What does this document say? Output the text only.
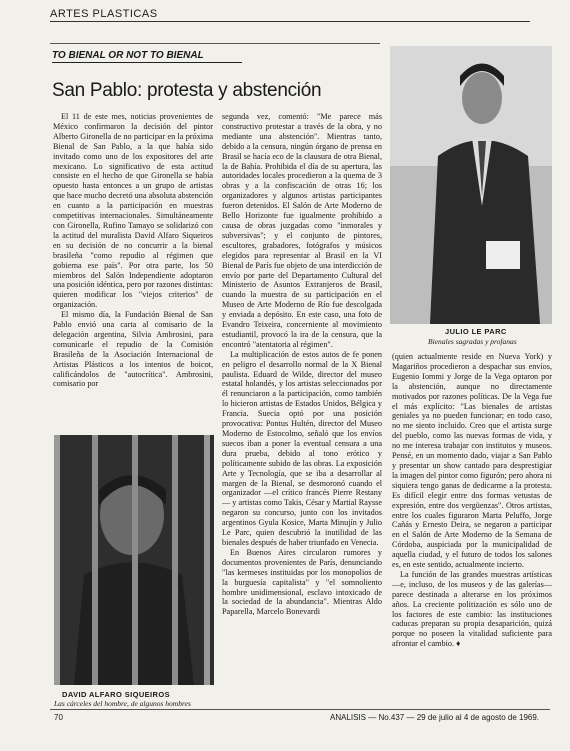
ARTES PLASTICAS
TO BIENAL OR NOT TO BIENAL
San Pablo: protesta y abstención

El 11 de este mes, noticias provenientes de México confirmaron la decisión del pintor Alberto Gironella de no participar en la próxima Bienal de San Pablo, a la que había sido invitado como uno de los expositores del arte mexicano. Lo significativo de esta actitud consiste en el hecho de que Gironella se había opuesto hasta entonces a un grupo de artistas que hace mucho decretó una absoluta abstención en cuanto a la participación en muestras competitivas internacionales. Simultáneamente con Gironella, Rufino Tamayo se solidarizó con la actitud del muralista David Alfaro Siqueiros en su decisión de no concurrir a la bienal brasileña "como repudio al régimen que gobierna ese país". Por otra parte, los 50 miembros del Salón Independiente adoptaron una posición idéntica, pero por razones distintas: quieren modificar los "viejos criterios" de organización.

El mismo día, la Fundación Bienal de San Pablo envió una carta al comisario de la delegación argentina, Silvia Ambrosini, para comunicarle el repudio de la Comisión Brasileña de la Asociación Internacional de Artistas Plásticos a los intentos de boicot, calificándolos de "autocrítica". Ambrosini, comisario por

segunda vez, comentó: "Me parece más constructivo protestar a través de la obra, y no mediante una abstención". Mientras tanto, debido a la censura, ningún órgano de prensa en Brasil se hacía eco de la clausura de otra Bienal, la de Bahía. Prohibida el día de su apertura, las autoridades locales procedieron a la quema de 3 obras y a la confiscación de otras 16; los organizadores y algunos artistas participantes fueron detenidos. El Salón de Arte Moderno de Bello Horizonte fue igualmente prohibido a causa de obras juzgadas como "inmorales y subversivas"; y el conjunto de pintores, escultores, grabadores, fotógrafos y músicos elegidos para representar al Brasil en la VI Bienal de París fue objeto de una interdicción de envío por parte del Departamento Cultural del Ministerio de Asuntos Extranjeros de Brasil, cuando la muestra de su participación en el Museo de Arte Moderno de Río fue descolgada y enviada a depósito. En este caso, una foto de Evandro Teixeira, concerniente al movimiento estudiantil, provocó la ira de la censura, que la encontró "atentatoria al régimen".

La multiplicación de estos autos de fe ponen en peligro el desarrollo normal de la X Bienal paulista. Eduard de Wilde, director del museo estatal holandés, y los artistas seleccionados por él renunciaron a la participación, como también lo hicieron artistas de Estados Unidos, Bélgica y Francia. Suecia optó por una posición provocativa: Pontus Hultén, director del Museo Moderno de Estocolmo, señaló que los envíos suecos iban a poner la eventual censura a una dura prueba, debido al tono erótico y políticamente subido de las obras. La exposición Arte y Tecnología, que se iba a desarrollar al margen de la Bienal, se desmoronó cuando el organizador —el crítico francés Pierre Restany— y artistas como Takis, César y Martial Raysse negaron su concurso, junto con los invitados argentinos Gyula Kosice, Marta Minujín y Julio Le Parc, quien descubrió la inutilidad de las bienales después de haber triunfado en Venecia.

En Buenos Aires circularon rumores y documentos provenientes de París, denunciando "las kermeses instituidas por los monopolios de la burguesía capitalista" y "el somnoliento hombre unidimensional, esclavo intoxicado de la sociedad de la abundancia". Mientras Aldo Paparella, Marcelo Bonevardi

(quien actualmente reside en Nueva York) y Magariños procedieron a despachar sus envíos, Eugenio Iommi y Jorge de la Vega optaron por la abstención, aunque no directamente motivados por razones políticas. De la Vega fue el más explícito: "Las bienales de artistas geniales ya no pueden funcionar; en todo caso, no me siento incluido. Creo que el artista surge del pueblo, como las nuevas formas de vida, y no me interesa trabajar con institutos y museos. Pensé, en un momento dado, viajar a San Pablo y presentar un show cantado para desprestigiar la imagen del pintor como figurón; pero ahora ni siquiera tengo ganas de dedicarme a la protesta. Es difícil elegir entre dos formas vetustas de expresión, entre dos vergüenzas". Otros artistas, entre los cuales figuraron Marta Peluffo, Jorge Cañás y Ernesto Deira, se negaron a participar en el Salón de Arte Moderno de la Semana de Córdoba, auspiciada por la municipalidad de aquella ciudad, y el futuro de todos los salones es, en este sentido, actualmente incierto.

La función de las grandes muestras artísticas —e, incluso, de los museos y de las galerías— parece destinada a alterarse en los próximos años. La creciente politización es sólo uno de los factores de este cambio: las instituciones caducas preparan su propia desaparición, quizá porque no poseen la vitalidad suficiente para afrontar el cambio. ♦

JULIO LE PARC
Bienales sagradas y profanas
DAVID ALFARO SIQUEIROS
Las cárceles del hombre, de algunos hombres
70	ANALISIS — No.437 — 29 de julio al 4 de agosto de 1969.
